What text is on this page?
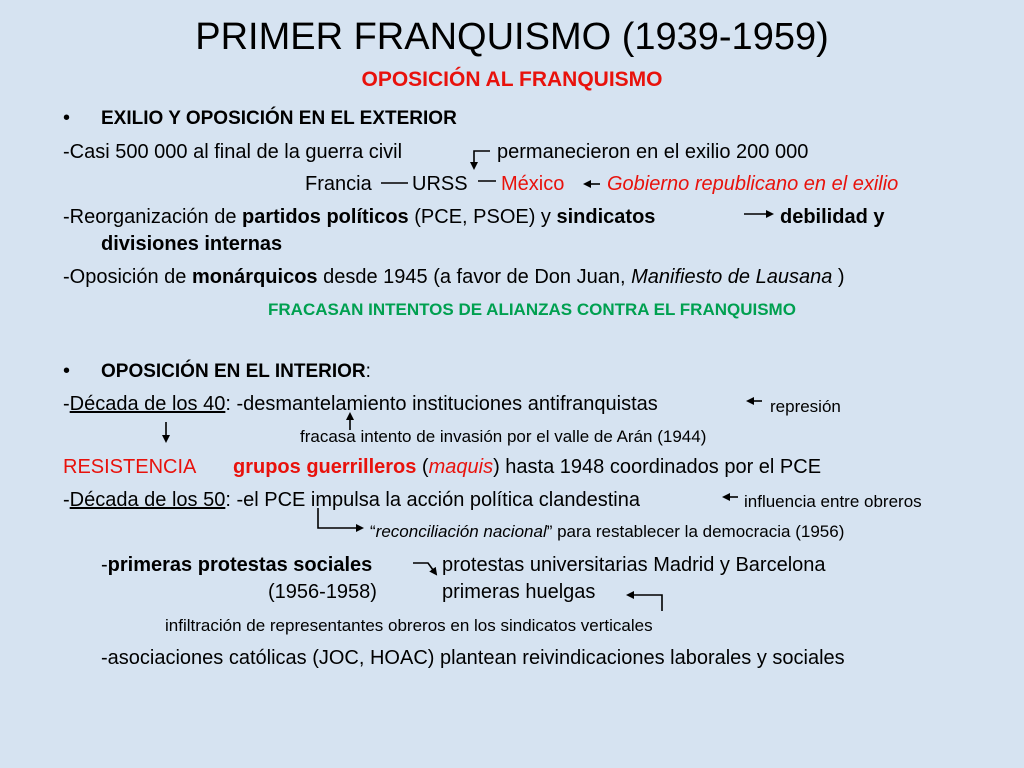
PRIMER FRANQUISMO (1939-1959)
OPOSICIÓN AL FRANQUISMO
• EXILIO Y OPOSICIÓN EN EL EXTERIOR
-Casi 500 000 al final de la guerra civil	permanecieron en el exilio 200 000
Francia URSS México Gobierno republicano en el exilio
-Reorganización de partidos políticos (PCE, PSOE) y sindicatos	debilidad y
divisiones internas
-Oposición de monárquicos desde 1945 (a favor de Don Juan, Manifiesto de Lausana )
FRACASAN INTENTOS DE ALIANZAS CONTRA EL FRANQUISMO
• OPOSICIÓN EN EL INTERIOR:
-Década de los 40: -desmantelamiento instituciones antifranquistas	represión
fracasa intento de invasión por el valle de Arán (1944)
RESISTENCIA grupos guerrilleros (maquis) hasta 1948 coordinados por el PCE
-Década de los 50: -el PCE impulsa la acción política clandestina	influencia entre obreros
“reconciliación nacional” para restablecer la democracia (1956)
-primeras protestas sociales	protestas universitarias Madrid y Barcelona
(1956-1958)	primeras huelgas
infiltración de representantes obreros en los sindicatos verticales
-asociaciones católicas (JOC, HOAC) plantean reivindicaciones laborales y sociales
